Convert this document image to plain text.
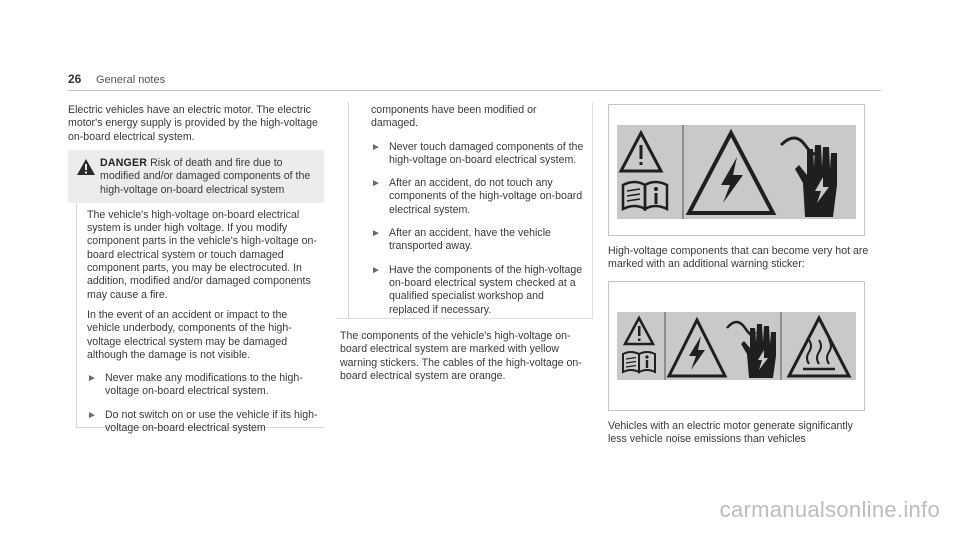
26 General notes

Electric vehicles have an electric motor. The electric motor's energy supply is provided by the high-voltage on-board electrical system.

DANGER Risk of death and fire due to modified and/or damaged components of the high-voltage on-board electrical system

The vehicle's high-voltage on-board electrical system is under high voltage. If you modify component parts in the vehicle's high-voltage on-board electrical system or touch damaged component parts, you may be electrocuted. In addition, modified and/or damaged components may cause a fire.

In the event of an accident or impact to the vehicle underbody, components of the high-voltage electrical system may be damaged although the damage is not visible.

► Never make any modifications to the high-voltage on-board electrical system.
► Do not switch on or use the vehicle if its high-voltage on-board electrical system

components have been modified or damaged.

► Never touch damaged components of the high-voltage on-board electrical system.
► After an accident, do not touch any components of the high-voltage on-board electrical system.
► After an accident, have the vehicle transported away.
► Have the components of the high-voltage on-board electrical system checked at a qualified specialist workshop and replaced if necessary.

The components of the vehicle's high-voltage on-board electrical system are marked with yellow warning stickers. The cables of the high-voltage on-board electrical system are orange.

High-voltage components that can become very hot are marked with an additional warning sticker:

Vehicles with an electric motor generate significantly less vehicle noise emissions than vehicles

carmanualsonline.info
